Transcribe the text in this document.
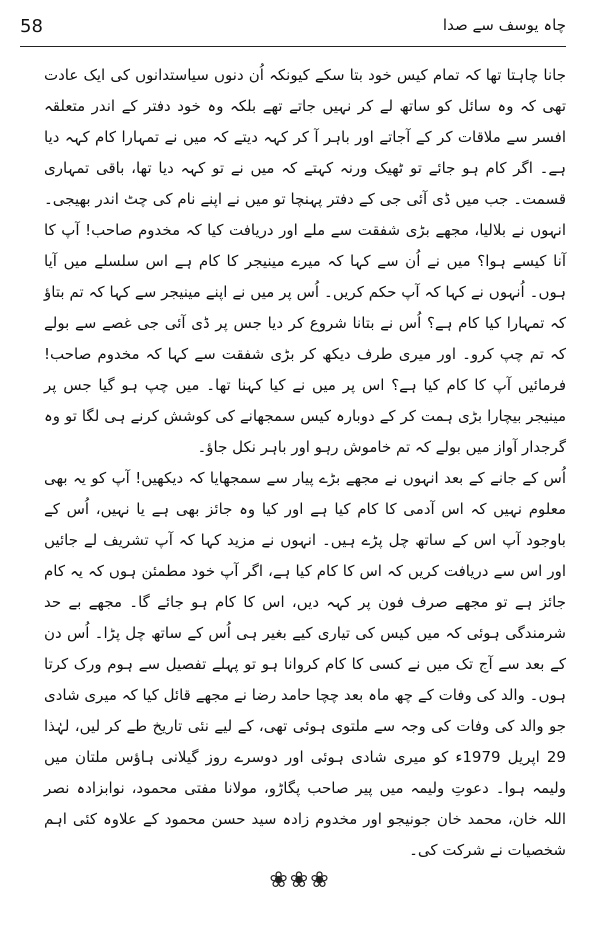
58	چاہ یوسف سے صدا

جانا چاہتا تھا کہ تمام کیس خود بتا سکے کیونکہ اُن دنوں سیاستدانوں کی ایک عادت تھی کہ وہ سائل کو ساتھ لے کر نہیں جاتے تھے بلکہ وہ خود دفتر کے اندر متعلقہ افسر سے ملاقات کر کے آجاتے اور باہر آ کر کہہ دیتے کہ میں نے تمہارا کام کہہ دیا ہے۔ اگر کام ہو جائے تو ٹھیک ورنہ کہتے کہ میں نے تو کہہ دیا تھا، باقی تمہاری قسمت۔ جب میں ڈی آئی جی کے دفتر پہنچا تو میں نے اپنے نام کی چٹ اندر بھیجی۔ انہوں نے بلالیا، مجھے بڑی شفقت سے ملے اور دریافت کیا کہ مخدوم صاحب! آپ کا آنا کیسے ہوا؟ میں نے اُن سے کہا کہ میرے مینیجر کا کام ہے اس سلسلے میں آیا ہوں۔ اُنہوں نے کہا کہ آپ حکم کریں۔ اُس پر میں نے اپنے مینیجر سے کہا کہ تم بتاؤ کہ تمہارا کیا کام ہے؟ اُس نے بتانا شروع کر دیا جس پر ڈی آئی جی غصے سے بولے کہ تم چپ کرو۔ اور میری طرف دیکھ کر بڑی شفقت سے کہا کہ مخدوم صاحب! فرمائیں آپ کا کام کیا ہے؟ اس پر میں نے کیا کہنا تھا۔ میں چپ ہو گیا جس پر مینیجر بیچارا بڑی ہمت کر کے دوبارہ کیس سمجھانے کی کوشش کرنے ہی لگا تو وہ گرجدار آواز میں بولے کہ تم خاموش رہو اور باہر نکل جاؤ۔

اُس کے جانے کے بعد انہوں نے مجھے بڑے پیار سے سمجھایا کہ دیکھیں! آپ کو یہ بھی معلوم نہیں کہ اس آدمی کا کام کیا ہے اور کیا وہ جائز بھی ہے یا نہیں، اُس کے باوجود آپ اس کے ساتھ چل پڑے ہیں۔ انہوں نے مزید کہا کہ آپ تشریف لے جائیں اور اس سے دریافت کریں کہ اس کا کام کیا ہے، اگر آپ خود مطمئن ہوں کہ یہ کام جائز ہے تو مجھے صرف فون پر کہہ دیں، اس کا کام ہو جائے گا۔ مجھے بے حد شرمندگی ہوئی کہ میں کیس کی تیاری کیے بغیر ہی اُس کے ساتھ چل پڑا۔ اُس دن کے بعد سے آج تک میں نے کسی کا کام کروانا ہو تو پہلے تفصیل سے ہوم ورک کرتا ہوں۔ والد کی وفات کے چھ ماہ بعد چچا حامد رضا نے مجھے قائل کیا کہ میری شادی جو والد کی وفات کی وجہ سے ملتوی ہوئی تھی، کے لیے نئی تاریخ طے کر لیں، لہٰذا 29 اپریل 1979ء کو میری شادی ہوئی اور دوسرے روز گیلانی ہاؤس ملتان میں ولیمہ ہوا۔ دعوتِ ولیمہ میں پیر صاحب پگاڑو، مولانا مفتی محمود، نوابزادہ نصر اللہ خان، محمد خان جونیجو اور مخدوم زادہ سید حسن محمود کے علاوہ کئی اہم شخصیات نے شرکت کی۔

❀❀❀
